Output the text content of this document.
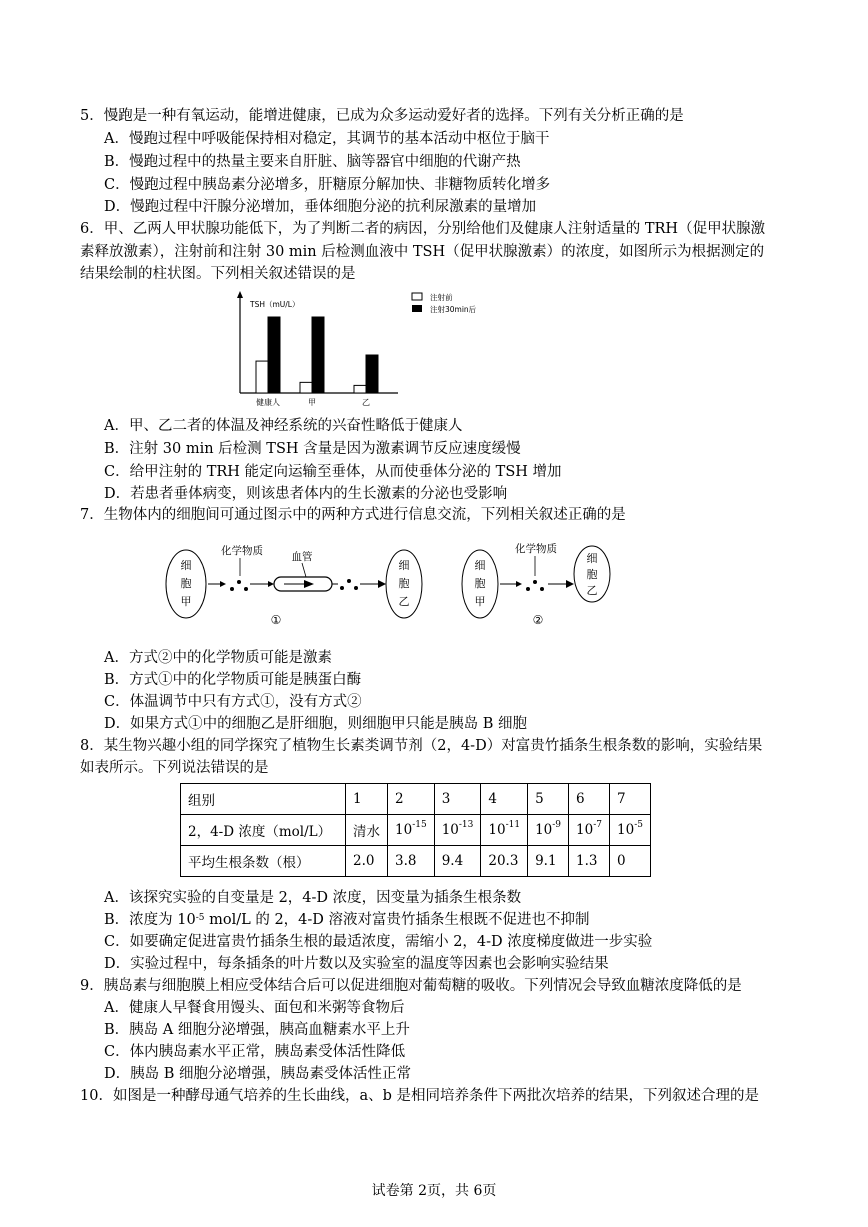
5．慢跑是一种有氧运动，能增进健康，已成为众多运动爱好者的选择。下列有关分析正确的是
A．慢跑过程中呼吸能保持相对稳定，其调节的基本活动中枢位于脑干
B．慢跑过程中的热量主要来自肝脏、脑等器官中细胞的代谢产热
C．慢跑过程中胰岛素分泌增多，肝糖原分解加快、非糖物质转化增多
D．慢跑过程中汗腺分泌增加，垂体细胞分泌的抗利尿激素的量增加
6．甲、乙两人甲状腺功能低下，为了判断二者的病因，分别给他们及健康人注射适量的 TRH（促甲状腺激
素释放激素），注射前和注射 30 min 后检测血液中 TSH（促甲状腺激素）的浓度，如图所示为根据测定的
结果绘制的柱状图。下列相关叙述错误的是
TSH（mU/L）
健康人	甲	乙
注射前
注射30min后
A．甲、乙二者的体温及神经系统的兴奋性略低于健康人
B．注射 30 min 后检测 TSH 含量是因为激素调节反应速度缓慢
C．给甲注射的 TRH 能定向运输至垂体，从而使垂体分泌的 TSH 增加
D．若患者垂体病变，则该患者体内的生长激素的分泌也受影响
7．生物体内的细胞间可通过图示中的两种方式进行信息交流，下列相关叙述正确的是
细
胞
甲
化学物质	血管
细
胞
乙
①
细
胞
甲
化学物质
细
胞
乙
②
A．方式②中的化学物质可能是激素
B．方式①中的化学物质可能是胰蛋白酶
C．体温调节中只有方式①，没有方式②
D．如果方式①中的细胞乙是肝细胞，则细胞甲只能是胰岛 B 细胞
8．某生物兴趣小组的同学探究了植物生长素类调节剂（2，4-D）对富贵竹插条生根条数的影响，实验结果
如表所示。下列说法错误的是
组别	1	2	3	4	5	6	7
2，4-D 浓度（mol/L）	清水	$10^{-15}$	$10^{-13}$	$10^{-11}$	$10^{-9}$	$10^{-7}$	$10^{-5}$
平均生根条数（根）	2.0	3.8	9.4	20.3	9.1	1.3	0
A．该探究实验的自变量是 2，4-D 浓度，因变量为插条生根条数
B．浓度为 $10^{-5}$ mol/L 的 2，4-D 溶液对富贵竹插条生根既不促进也不抑制
C．如要确定促进富贵竹插条生根的最适浓度，需缩小 2，4-D 浓度梯度做进一步实验
D．实验过程中，每条插条的叶片数以及实验室的温度等因素也会影响实验结果
9．胰岛素与细胞膜上相应受体结合后可以促进细胞对葡萄糖的吸收。下列情况会导致血糖浓度降低的是
A．健康人早餐食用馒头、面包和米粥等食物后
B．胰岛 A 细胞分泌增强，胰高血糖素水平上升
C．体内胰岛素水平正常，胰岛素受体活性降低
D．胰岛 B 细胞分泌增强，胰岛素受体活性正常
10．如图是一种酵母通气培养的生长曲线，a、b 是相同培养条件下两批次培养的结果，下列叙述合理的是
试卷第 2页，共 6页
